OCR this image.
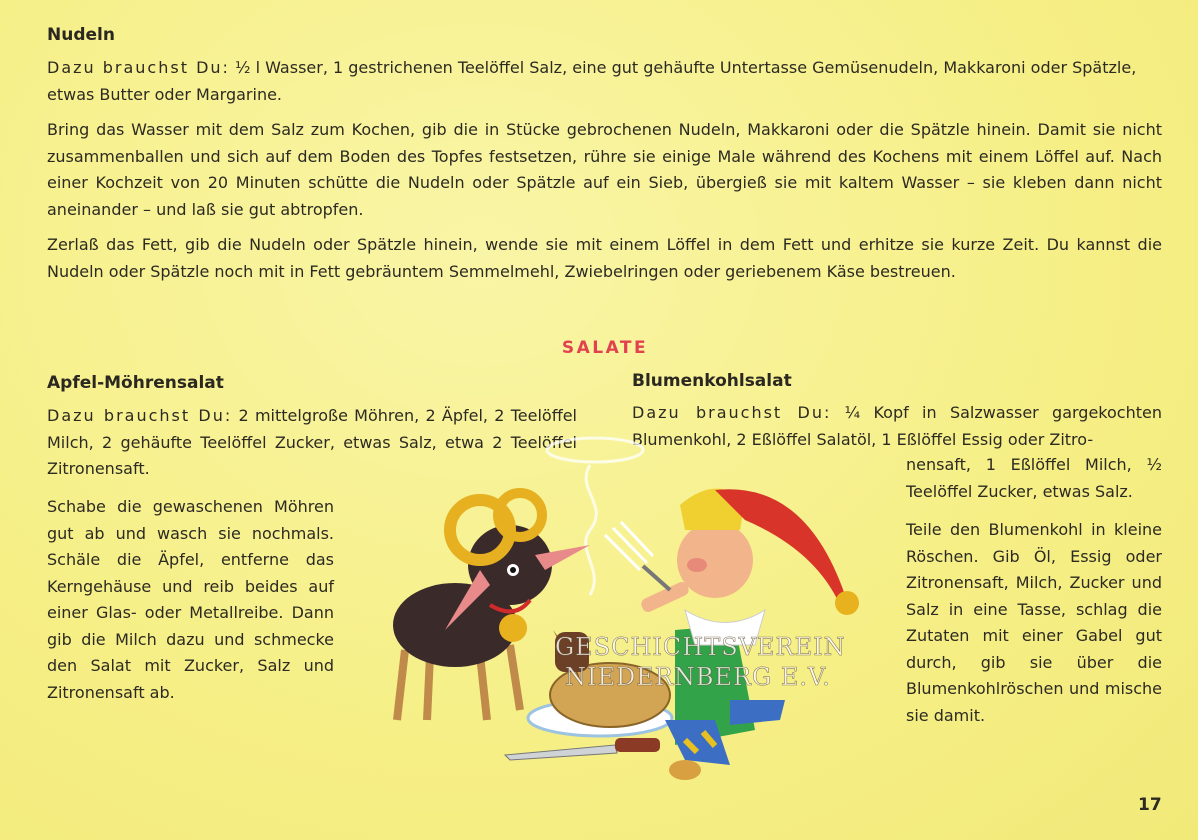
Nudeln

Dazu brauchst Du: ½ l Wasser, 1 gestrichenen Teelöffel Salz, eine gut gehäufte Untertasse Gemüsenudeln, Makkaroni oder Spätzle, etwas Butter oder Margarine.

Bring das Wasser mit dem Salz zum Kochen, gib die in Stücke gebrochenen Nudeln, Makkaroni oder die Spätzle hinein. Damit sie nicht zusammenballen und sich auf dem Boden des Topfes festsetzen, rühre sie einige Male während des Kochens mit einem Löffel auf. Nach einer Kochzeit von 20 Minuten schütte die Nudeln oder Spätzle auf ein Sieb, übergieß sie mit kaltem Wasser – sie kleben dann nicht aneinander – und laß sie gut abtropfen.

Zerlaß das Fett, gib die Nudeln oder Spätzle hinein, wende sie mit einem Löffel in dem Fett und erhitze sie kurze Zeit. Du kannst die Nudeln oder Spätzle noch mit in Fett gebräuntem Semmelmehl, Zwiebelringen oder geriebenem Käse bestreuen.

SALATE
Apfel-Möhrensalat

Dazu brauchst Du: 2 mittelgroße Möhren, 2 Äpfel, 2 Teelöffel Milch, 2 gehäufte Teelöffel Zucker, etwas Salz, etwa 2 Teelöffel Zitronensaft.

Schabe die gewaschenen Möhren gut ab und wasch sie nochmals. Schäle die Äpfel, entferne das Kerngehäuse und reib beides auf einer Glas- oder Metallreibe. Dann gib die Milch dazu und schmecke den Salat mit Zucker, Salz und Zitronensaft ab.

Blumenkohlsalat

Dazu brauchst Du: ¼ Kopf in Salzwasser gargekochten Blumenkohl, 2 Eßlöffel Salatöl, 1 Eßlöffel Essig oder Zitro-

nensaft, 1 Eßlöffel Milch, ½ Teelöffel Zucker, etwas Salz.

Teile den Blumenkohl in kleine Röschen. Gib Öl, Essig oder Zitronensaft, Milch, Zucker und Salz in eine Tasse, schlag die Zutaten mit einer Gabel gut durch, gib sie über die Blumenkohlröschen und mische sie damit.

GESCHICHTSVEREIN
NIEDERNBERG E.V.
17
